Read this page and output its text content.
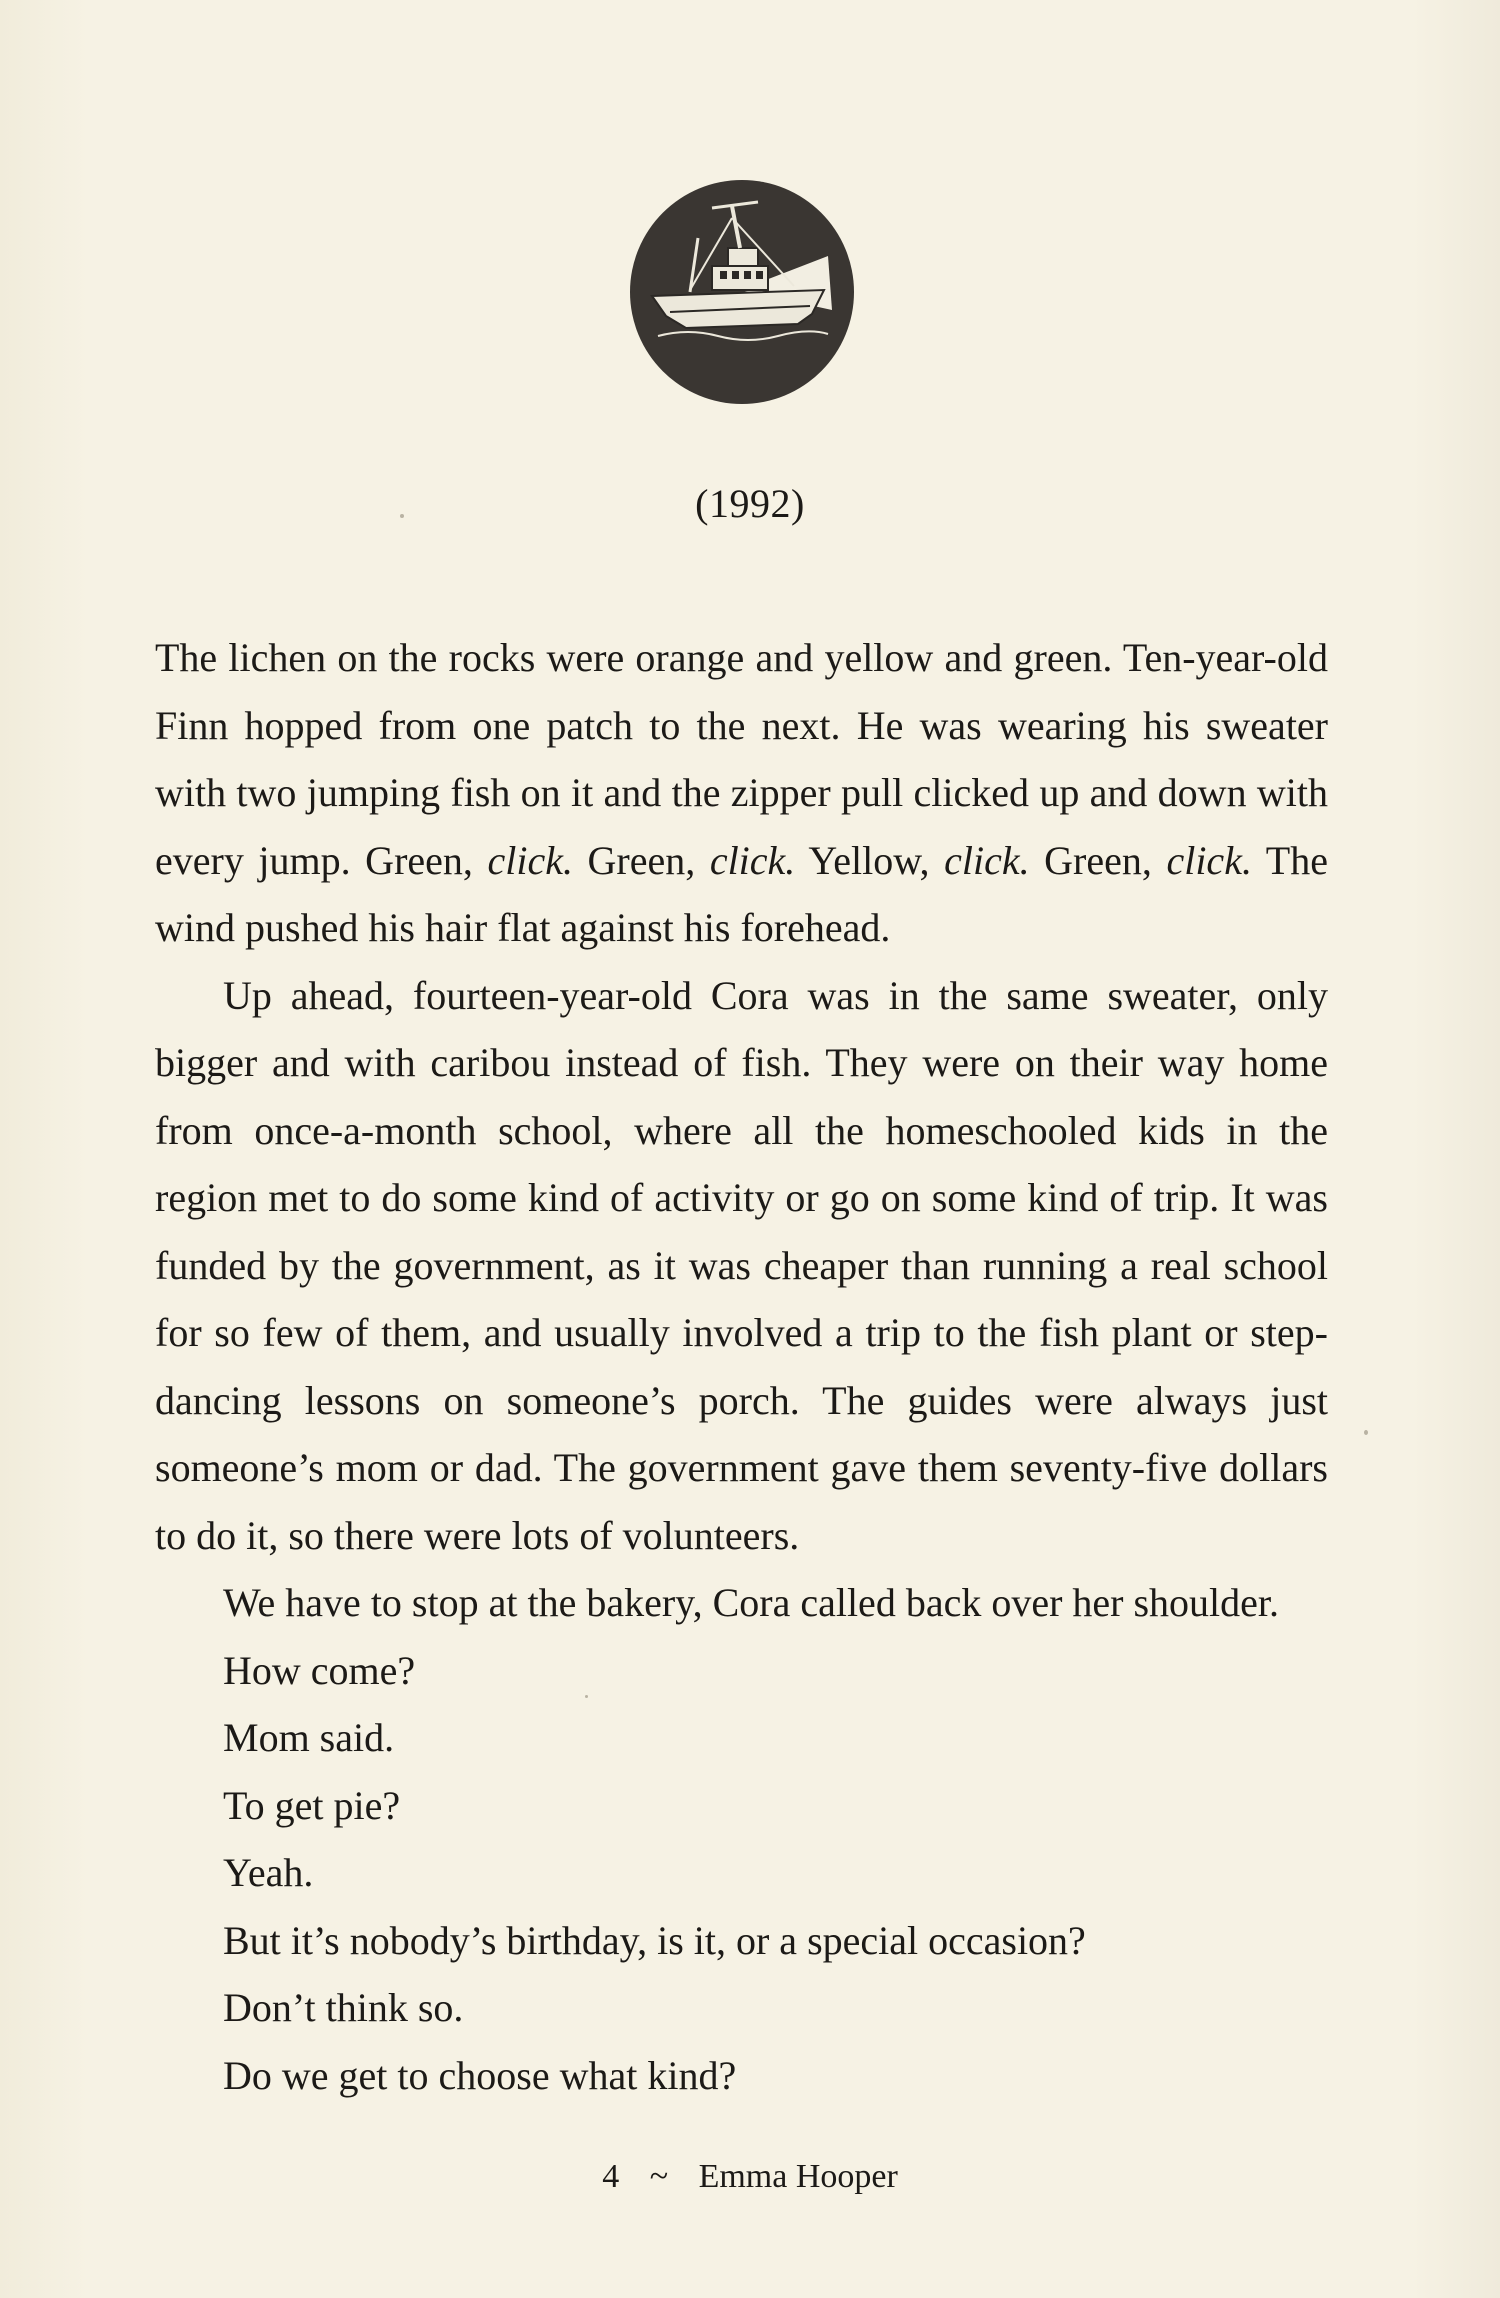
(1992)

The lichen on the rocks were orange and yellow and green. Ten-year-old Finn hopped from one patch to the next. He was wearing his sweater with two jumping fish on it and the zipper pull clicked up and down with every jump. Green, click. Green, click. Yellow, click. Green, click. The wind pushed his hair flat against his forehead.

Up ahead, fourteen-year-old Cora was in the same sweater, only bigger and with caribou instead of fish. They were on their way home from once-a-month school, where all the homeschooled kids in the region met to do some kind of activity or go on some kind of trip. It was funded by the government, as it was cheaper than running a real school for so few of them, and usually involved a trip to the fish plant or step-dancing lessons on someone’s porch. The guides were always just someone’s mom or dad. The government gave them seventy-five dollars to do it, so there were lots of volunteers.

We have to stop at the bakery, Cora called back over her shoulder.

How come?

Mom said.

To get pie?

Yeah.

But it’s nobody’s birthday, is it, or a special occasion?

Don’t think so.

Do we get to choose what kind?

4 ~ Emma Hooper
